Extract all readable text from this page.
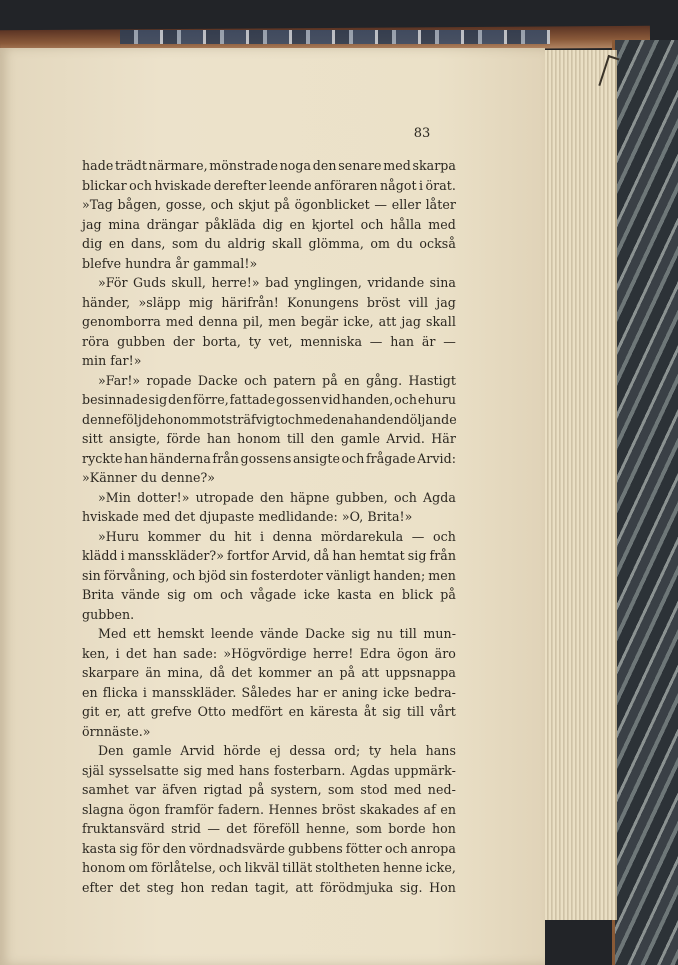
83
hade trädt närmare, mönstrade noga den senare med skarpa
blickar och hviskade derefter leende anföraren något i örat.
»Tag bågen, gosse, och skjut på ögonblicket — eller låter
jag mina drängar påkläda dig en kjortel och hålla med
dig en dans, som du aldrig skall glömma, om du också
blefve hundra år gammal!»
»För Guds skull, herre!» bad ynglingen, vridande sina
händer, »släpp mig härifrån! Konungens bröst vill jag
genomborra med denna pil, men begär icke, att jag skall
röra gubben der borta, ty vet, menniska — han är —
min far!»
»Far!» ropade Dacke och patern på en gång. Hastigt
besinnade sig den förre, fattade gossen vid handen, och ehuru
denne följde honom motsträfvigt och med ena handen döljande
sitt ansigte, förde han honom till den gamle Arvid. Här
ryckte han händerna från gossens ansigte och frågade Arvid:
»Känner du denne?»
»Min dotter!» utropade den häpne gubben, och Agda
hviskade med det djupaste medlidande: »O, Brita!»
»Huru kommer du hit i denna mördarekula — och
klädd i mansskläder?» fortfor Arvid, då han hemtat sig från
sin förvåning, och bjöd sin fosterdoter vänligt handen; men
Brita vände sig om och vågade icke kasta en blick på
gubben.
Med ett hemskt leende vände Dacke sig nu till mun-
ken, i det han sade: »Högvördige herre! Edra ögon äro
skarpare än mina, då det kommer an på att uppsnappa
en flicka i mansskläder. Således har er aning icke bedra-
git er, att grefve Otto medfört en käresta åt sig till vårt
örnnäste.»
Den gamle Arvid hörde ej dessa ord; ty hela hans
själ sysselsatte sig med hans fosterbarn. Agdas uppmärk-
samhet var äfven rigtad på systern, som stod med ned-
slagna ögon framför fadern. Hennes bröst skakades af en
fruktansvärd strid — det föreföll henne, som borde hon
kasta sig för den vördnadsvärde gubbens fötter och anropa
honom om förlåtelse, och likväl tillät stoltheten henne icke,
efter det steg hon redan tagit, att förödmjuka sig. Hon
